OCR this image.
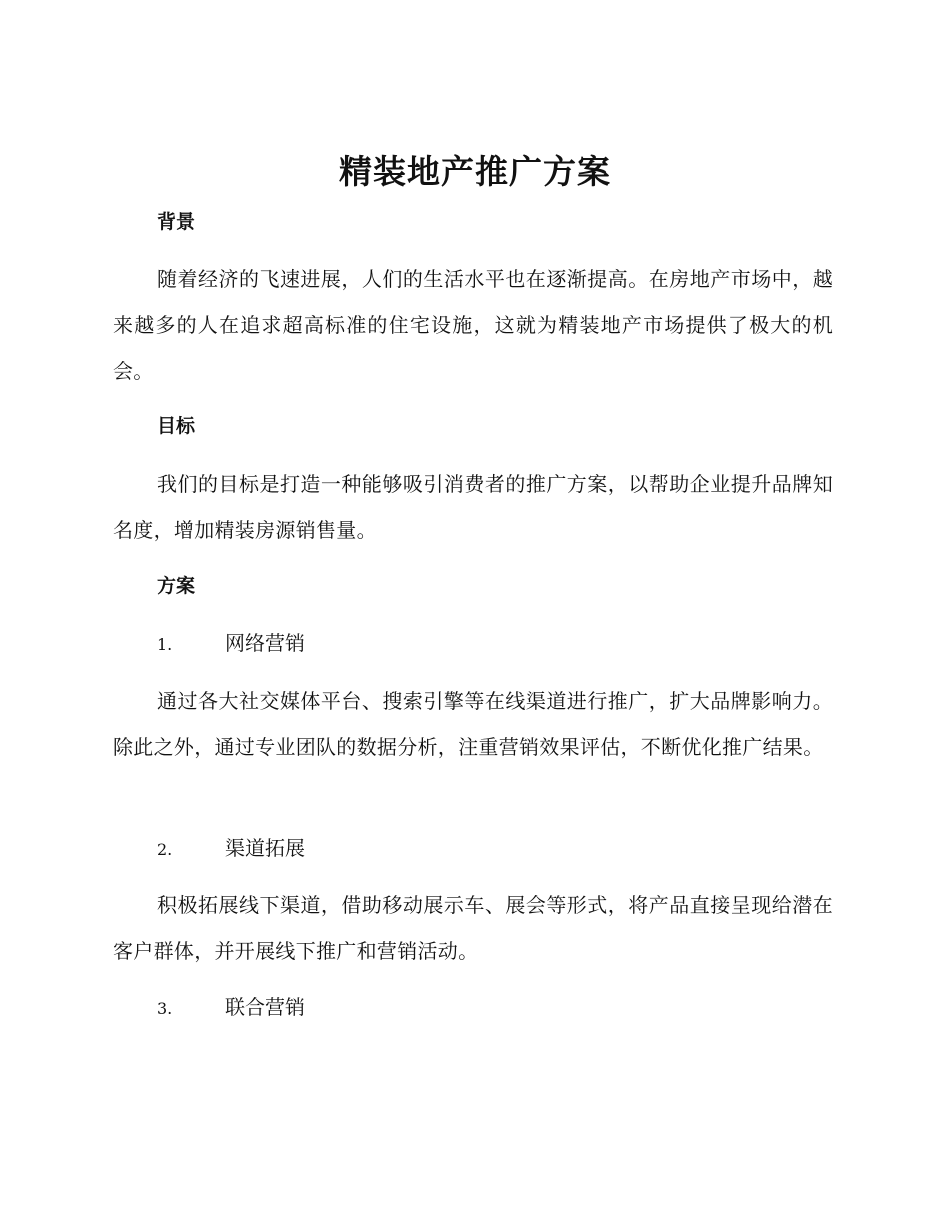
精装地产推广方案
背景
随着经济的飞速进展，人们的生活水平也在逐渐提高。在房地产市场中，越来越多的人在追求超高标准的住宅设施，这就为精装地产市场提供了极大的机会。
目标
我们的目标是打造一种能够吸引消费者的推广方案，以帮助企业提升品牌知名度，增加精装房源销售量。
方案
1.	网络营销
通过各大社交媒体平台、搜索引擎等在线渠道进行推广，扩大品牌影响力。除此之外，通过专业团队的数据分析，注重营销效果评估，不断优化推广结果。
2.	渠道拓展
积极拓展线下渠道，借助移动展示车、展会等形式，将产品直接呈现给潜在客户群体，并开展线下推广和营销活动。
3.	联合营销
